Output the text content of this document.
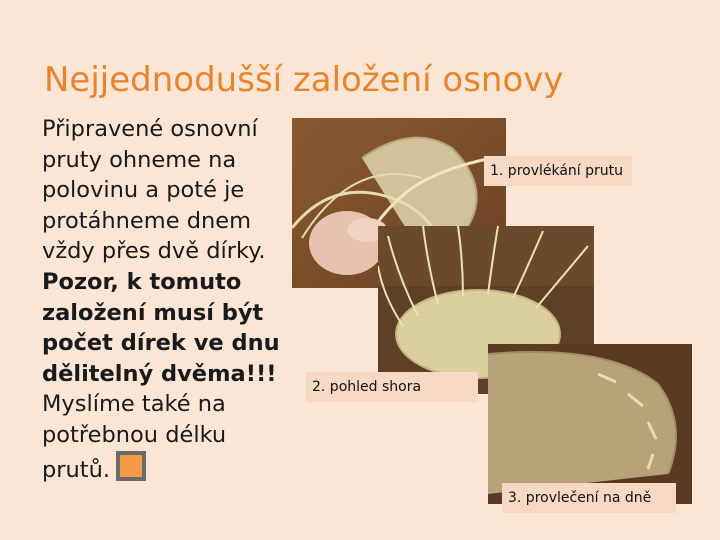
Nejjednodušší založení osnovy

Připravené osnovní pruty ohneme na polovinu a poté je protáhneme dnem vždy přes dvě dírky.

Pozor, k tomuto založení musí být počet dírek ve dnu dělitelný dvěma!!!

Myslíme také na potřebnou délku prutů.

1. provlékání prutu
2. pohled shora
3. provlečení na dně
